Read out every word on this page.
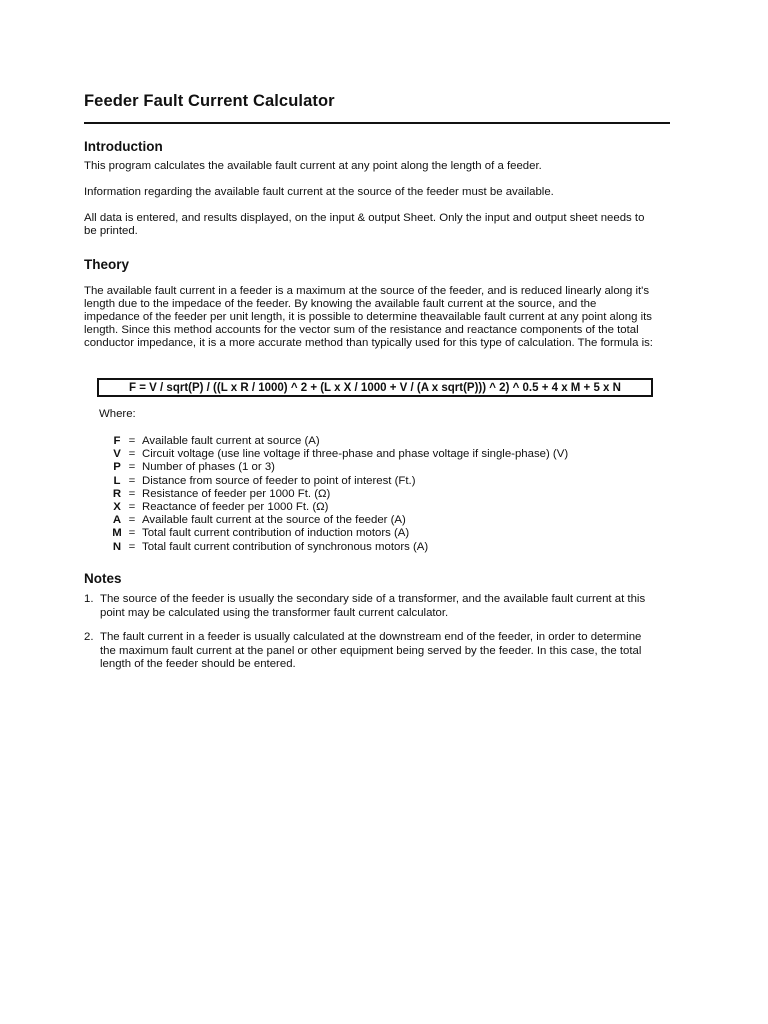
Feeder Fault Current Calculator
Introduction

This program calculates the available fault current at any point along the length of a feeder.

Information regarding the available fault current at the source of the feeder must be available.

All data is entered, and results displayed, on the input & output Sheet. Only the input and output sheet needs to be printed.

Theory

The available fault current in a feeder is a maximum at the source of the feeder, and is reduced linearly along it's length due to the impedace of the feeder. By knowing the available fault current at the source, and the impedance of the feeder per unit length, it is possible to determine theavailable fault current at any point along its length. Since this method accounts for the vector sum of the resistance and reactance components of the total conductor impedance, it is a more accurate method than typically used for this type of calculation. The formula is:

F = V / sqrt(P) / ((L x R / 1000) ^ 2 + (L x X / 1000 + V / (A x sqrt(P))) ^ 2) ^ 0.5 + 4 x M + 5 x N
Where:
F = Available fault current at source (A)
V = Circuit voltage (use line voltage if three-phase and phase voltage if single-phase) (V)
P = Number of phases (1 or 3)
L = Distance from source of feeder to point of interest (Ft.)
R = Resistance of feeder per 1000 Ft. (Ω)
X = Reactance of feeder per 1000 Ft. (Ω)
A = Available fault current at the source of the feeder (A)
M = Total fault current contribution of induction motors (A)
N = Total fault current contribution of synchronous motors (A)
Notes
1. The source of the feeder is usually the secondary side of a transformer, and the available fault current at this point may be calculated using the transformer fault current calculator.
2. The fault current in a feeder is usually calculated at the downstream end of the feeder, in order to determine the maximum fault current at the panel or other equipment being served by the feeder. In this case, the total length of the feeder should be entered.
